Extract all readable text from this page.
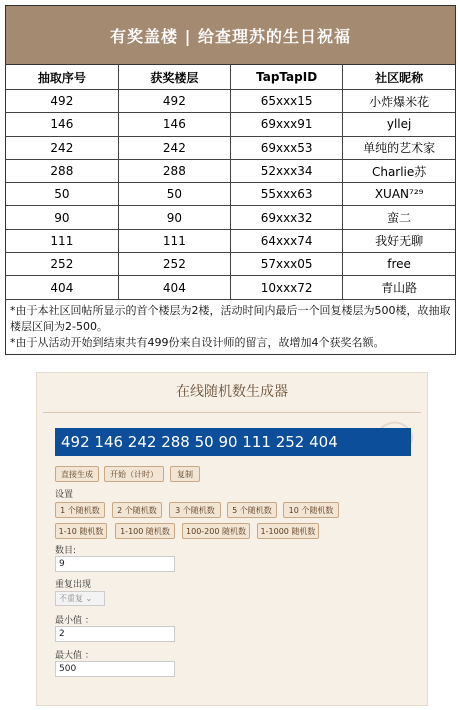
有奖盖楼 | 给查理苏的生日祝福
抽取序号	获奖楼层	TapTapID	社区昵称
492	492	65xxx15	小炸爆米花
146	146	69xxx91	yllej
242	242	69xxx53	单纯的艺术家
288	288	52xxx34	Charlie苏
50	50	55xxx63	XUAN⁷²⁹
90	90	69xxx32	蛮二
111	111	64xxx74	我好无聊
252	252	57xxx05	free
404	404	10xxx72	青山路
*由于本社区回帖所显示的首个楼层为2楼，活动时间内最后一个回复楼层为500楼，故抽取楼层区间为2-500。
*由于从活动开始到结束共有499份来自设计师的留言，故增加4个获奖名额。
在线随机数生成器
492 146 242 288 50 90 111 252 404
直接生成	开始（计时）	复制
设置
1 个随机数	2 个随机数	3 个随机数	5 个随机数	10 个随机数
1-10 随机数	1-100 随机数	100-200 随机数	1-1000 随机数
数目:
9
重复出现
不重复 ⌄
最小值 ：
2
最大值 ：
500
